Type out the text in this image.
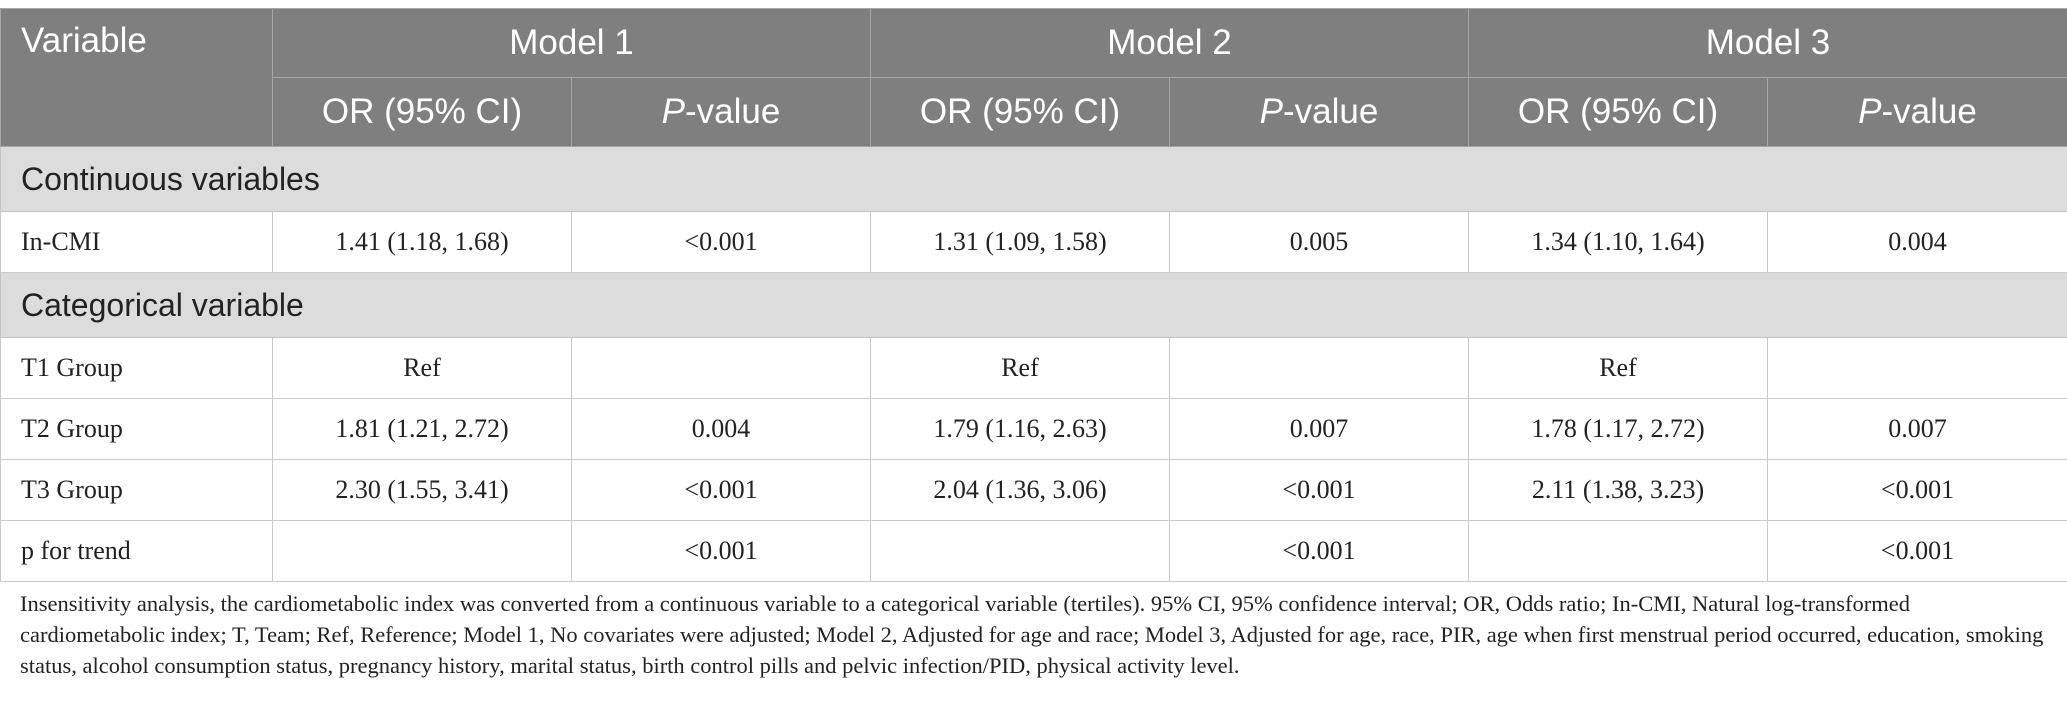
Variable	Model 1		Model 2		Model 3	
	OR (95% CI)	P-value	OR (95% CI)	P-value	OR (95% CI)	P-value
Continuous variables						
In-CMI	1.41 (1.18, 1.68)	<0.001	1.31 (1.09, 1.58)	0.005	1.34 (1.10, 1.64)	0.004
Categorical variable						
T1 Group	Ref		Ref		Ref	
T2 Group	1.81 (1.21, 2.72)	0.004	1.79 (1.16, 2.63)	0.007	1.78 (1.17, 2.72)	0.007
T3 Group	2.30 (1.55, 3.41)	<0.001	2.04 (1.36, 3.06)	<0.001	2.11 (1.38, 3.23)	<0.001
p for trend		<0.001		<0.001		<0.001
Insensitivity analysis, the cardiometabolic index was converted from a continuous variable to a categorical variable (tertiles). 95% CI, 95% confidence interval; OR, Odds ratio; In-CMI, Natural log-transformed cardiometabolic index; T, Team; Ref, Reference; Model 1, No covariates were adjusted; Model 2, Adjusted for age and race; Model 3, Adjusted for age, race, PIR, age when first menstrual period occurred, education, smoking status, alcohol consumption status, pregnancy history, marital status, birth control pills and pelvic infection/PID, physical activity level.
